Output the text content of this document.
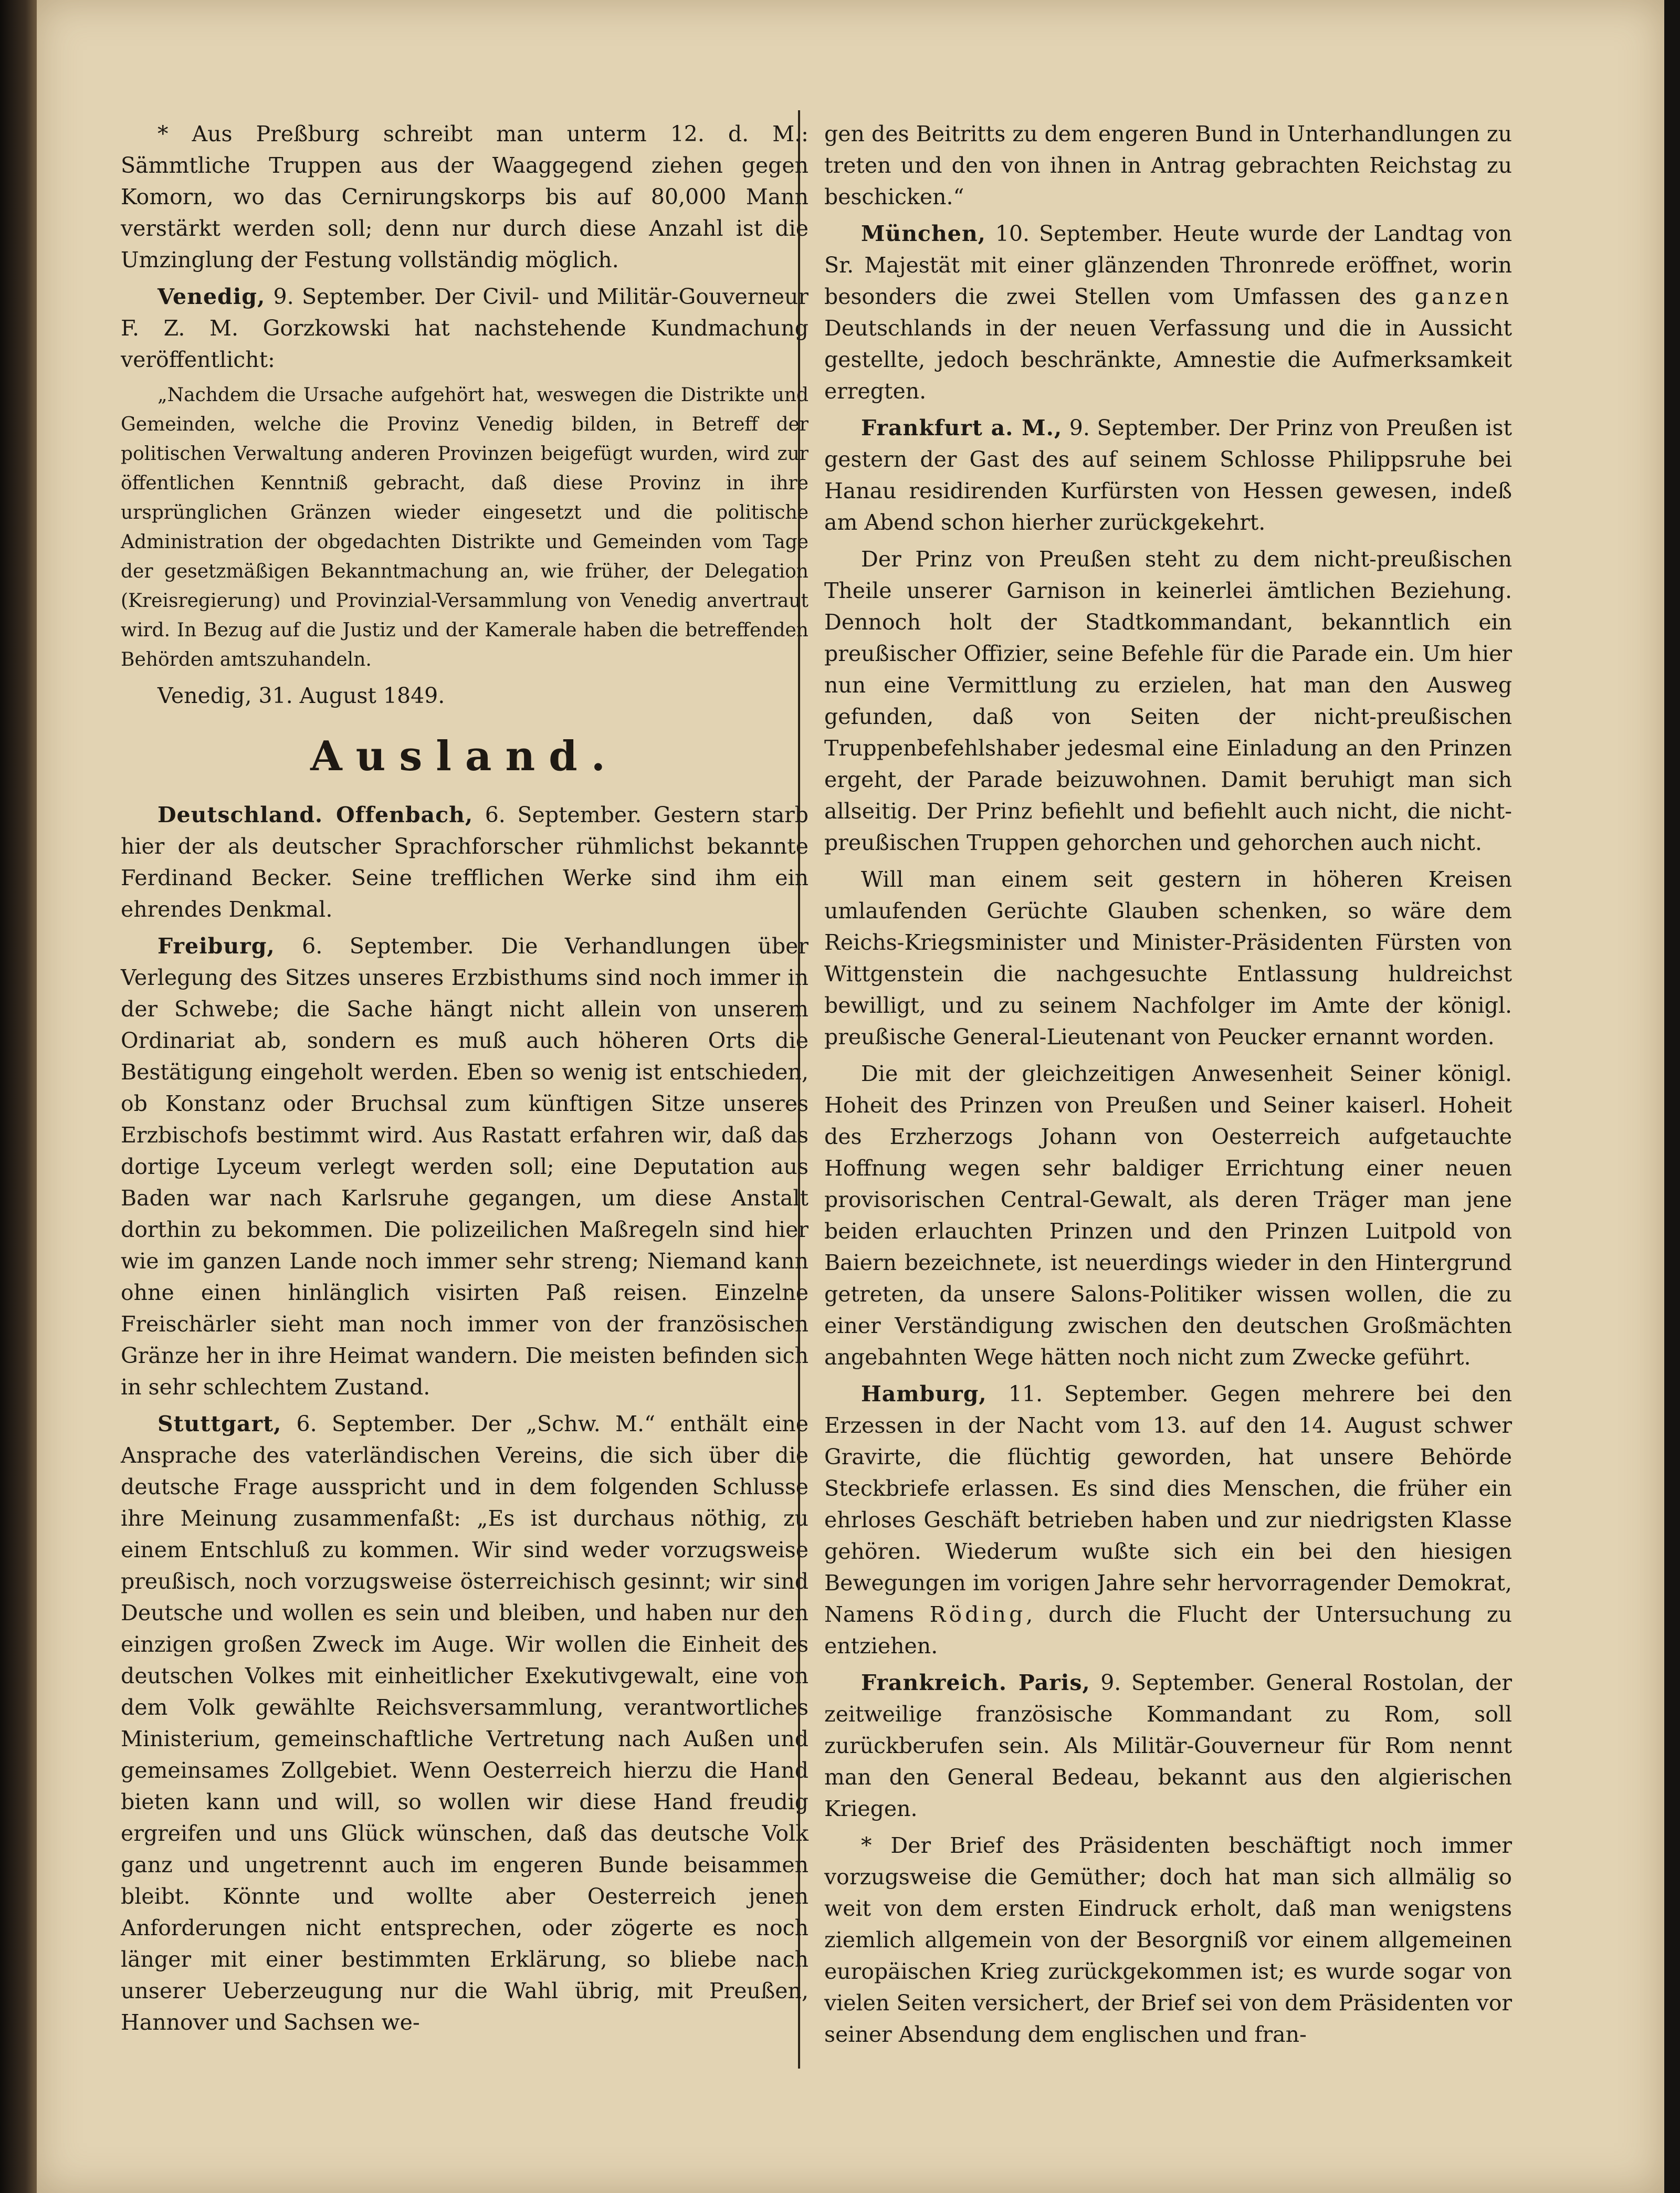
* Aus Preßburg schreibt man unterm 12. d. M.: Sämmtliche Truppen aus der Waaggegend ziehen gegen Komorn, wo das Cernirungskorps bis auf 80,000 Mann verstärkt werden soll; denn nur durch diese Anzahl ist die Umzinglung der Festung vollständig möglich.

Venedig, 9. September. Der Civil- und Militär-Gouverneur F. Z. M. Gorzkowski hat nachstehende Kundmachung veröffentlicht:

„Nachdem die Ursache aufgehört hat, weswegen die Distrikte und Gemeinden, welche die Provinz Venedig bilden, in Betreff der politischen Verwaltung anderen Provinzen beigefügt wurden, wird zur öffentlichen Kenntniß gebracht, daß diese Provinz in ihre ursprünglichen Gränzen wieder eingesetzt und die politische Administration der obgedachten Distrikte und Gemeinden vom Tage der gesetzmäßigen Bekanntmachung an, wie früher, der Delegation (Kreisregierung) und Provinzial-Versammlung von Venedig anvertraut wird. In Bezug auf die Justiz und der Kamerale haben die betreffenden Behörden amtszuhandeln.

Venedig, 31. August 1849.

Ausland.

Deutschland. Offenbach, 6. September. Gestern starb hier der als deutscher Sprachforscher rühmlichst bekannte Ferdinand Becker. Seine trefflichen Werke sind ihm ein ehrendes Denkmal.

Freiburg, 6. September. Die Verhandlungen über Verlegung des Sitzes unseres Erzbisthums sind noch immer in der Schwebe; die Sache hängt nicht allein von unserem Ordinariat ab, sondern es muß auch höheren Orts die Bestätigung eingeholt werden. Eben so wenig ist entschieden, ob Konstanz oder Bruchsal zum künftigen Sitze unseres Erzbischofs bestimmt wird. Aus Rastatt erfahren wir, daß das dortige Lyceum verlegt werden soll; eine Deputation aus Baden war nach Karlsruhe gegangen, um diese Anstalt dorthin zu bekommen. Die polizeilichen Maßregeln sind hier wie im ganzen Lande noch immer sehr streng; Niemand kann ohne einen hinlänglich visirten Paß reisen. Einzelne Freischärler sieht man noch immer von der französischen Gränze her in ihre Heimat wandern. Die meisten befinden sich in sehr schlechtem Zustand.

Stuttgart, 6. September. Der „Schw. M.“ enthält eine Ansprache des vaterländischen Vereins, die sich über die deutsche Frage ausspricht und in dem folgenden Schlusse ihre Meinung zusammenfaßt: „Es ist durchaus nöthig, zu einem Entschluß zu kommen. Wir sind weder vorzugsweise preußisch, noch vorzugsweise österreichisch gesinnt; wir sind Deutsche und wollen es sein und bleiben, und haben nur den einzigen großen Zweck im Auge. Wir wollen die Einheit des deutschen Volkes mit einheitlicher Exekutivgewalt, eine von dem Volk gewählte Reichsversammlung, verantwortliches Ministerium, gemeinschaftliche Vertretung nach Außen und gemeinsames Zollgebiet. Wenn Oesterreich hierzu die Hand bieten kann und will, so wollen wir diese Hand freudig ergreifen und uns Glück wünschen, daß das deutsche Volk ganz und ungetrennt auch im engeren Bunde beisammen bleibt. Könnte und wollte aber Oesterreich jenen Anforderungen nicht entsprechen, oder zögerte es noch länger mit einer bestimmten Erklärung, so bliebe nach unserer Ueberzeugung nur die Wahl übrig, mit Preußen, Hannover und Sachsen we-

gen des Beitritts zu dem engeren Bund in Unterhandlungen zu treten und den von ihnen in Antrag gebrachten Reichstag zu beschicken.“

München, 10. September. Heute wurde der Landtag von Sr. Majestät mit einer glänzenden Thronrede eröffnet, worin besonders die zwei Stellen vom Umfassen des ganzen Deutschlands in der neuen Verfassung und die in Aussicht gestellte, jedoch beschränkte, Amnestie die Aufmerksamkeit erregten.

Frankfurt a. M., 9. September. Der Prinz von Preußen ist gestern der Gast des auf seinem Schlosse Philippsruhe bei Hanau residirenden Kurfürsten von Hessen gewesen, indeß am Abend schon hierher zurückgekehrt.

Der Prinz von Preußen steht zu dem nicht-preußischen Theile unserer Garnison in keinerlei ämtlichen Beziehung. Dennoch holt der Stadtkommandant, bekanntlich ein preußischer Offizier, seine Befehle für die Parade ein. Um hier nun eine Vermittlung zu erzielen, hat man den Ausweg gefunden, daß von Seiten der nicht-preußischen Truppenbefehlshaber jedesmal eine Einladung an den Prinzen ergeht, der Parade beizuwohnen. Damit beruhigt man sich allseitig. Der Prinz befiehlt und befiehlt auch nicht, die nicht-preußischen Truppen gehorchen und gehorchen auch nicht.

Will man einem seit gestern in höheren Kreisen umlaufenden Gerüchte Glauben schenken, so wäre dem Reichs-Kriegsminister und Minister-Präsidenten Fürsten von Wittgenstein die nachgesuchte Entlassung huldreichst bewilligt, und zu seinem Nachfolger im Amte der königl. preußische General-Lieutenant von Peucker ernannt worden.

Die mit der gleichzeitigen Anwesenheit Seiner königl. Hoheit des Prinzen von Preußen und Seiner kaiserl. Hoheit des Erzherzogs Johann von Oesterreich aufgetauchte Hoffnung wegen sehr baldiger Errichtung einer neuen provisorischen Central-Gewalt, als deren Träger man jene beiden erlauchten Prinzen und den Prinzen Luitpold von Baiern bezeichnete, ist neuerdings wieder in den Hintergrund getreten, da unsere Salons-Politiker wissen wollen, die zu einer Verständigung zwischen den deutschen Großmächten angebahnten Wege hätten noch nicht zum Zwecke geführt.

Hamburg, 11. September. Gegen mehrere bei den Erzessen in der Nacht vom 13. auf den 14. August schwer Gravirte, die flüchtig geworden, hat unsere Behörde Steckbriefe erlassen. Es sind dies Menschen, die früher ein ehrloses Geschäft betrieben haben und zur niedrigsten Klasse gehören. Wiederum wußte sich ein bei den hiesigen Bewegungen im vorigen Jahre sehr hervorragender Demokrat, Namens Röding, durch die Flucht der Untersuchung zu entziehen.

Frankreich. Paris, 9. September. General Rostolan, der zeitweilige französische Kommandant zu Rom, soll zurückberufen sein. Als Militär-Gouverneur für Rom nennt man den General Bedeau, bekannt aus den algierischen Kriegen.

* Der Brief des Präsidenten beschäftigt noch immer vorzugsweise die Gemüther; doch hat man sich allmälig so weit von dem ersten Eindruck erholt, daß man wenigstens ziemlich allgemein von der Besorgniß vor einem allgemeinen europäischen Krieg zurückgekommen ist; es wurde sogar von vielen Seiten versichert, der Brief sei von dem Präsidenten vor seiner Absendung dem englischen und fran-
